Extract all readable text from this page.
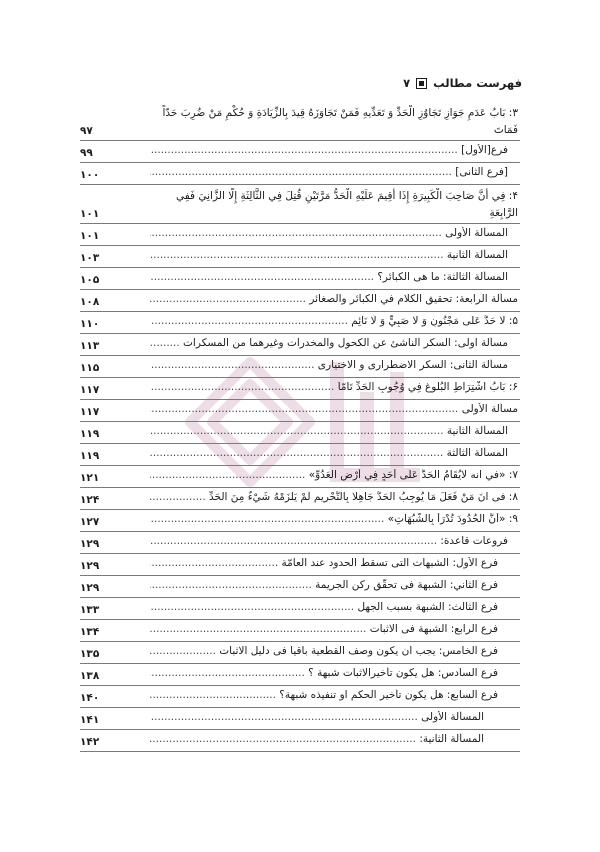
فهرست مطالب
۷
۳: بَابُ عَدَمِ جَوَازِ تَجَاوُزِ الْحَدِّ وَ تَعَدِّيهِ فَمَنْ تَجَاوَزَهُ قِيدَ بِالزِّيَادَةِ وَ حُكْمِ مَنْ ضُرِبَ حَدّاً فَمَاتَ
۹۷
فرع[الأول] .....
۹۹
[فرع الثانی] .....
۱۰۰
۴: فِي أَنَّ صَاحِبَ الْكَبِيرَةِ إِذَا أُقِيمَ عَلَيْهِ الْحَدُّ مَرَّتَيْنِ قُتِلَ فِي الثَّالِثَةِ إِلَّا الزَّانِيَ فَفِي الرَّابِعَةِ
۱۰۱
المسألة الأولى .....
۱۰۱
المسألة الثانية .....
۱۰۳
المسألة الثالثة: ما هی الكبائر؟ .....
۱۰۵
مسألة الرابعة: تحقيق الكلام في الكبائر والصغائر .....
۱۰۸
۵: لَا حَدَّ عَلَى مَجْنُونٍ وَ لَا صَبِيٍّ وَ لَا نَائِمٍ .....
۱۱۰
مسألة اولی: السكر الناشئ عن الكحول والمخدرات وغيرهما من المسكرات .....
۱۱۳
مسألة الثانی: السكر الاضطراری و الاختیاری .....
۱۱۵
۶: بَابُ اشْتِرَاطِ الْبُلُوغِ فِي وُجُوبِ الْحَدِّ تَامّاً .....
۱۱۷
مسألة الأولى .....
۱۱۷
المسألة الثانية .....
۱۱۹
المسألة الثالثة .....
۱۱۹
۷: «في انه لايُقَامُ الْحَدُّ عَلَى أَحَدٍ فِي أَرْضِ الْعَدُوِّ» .....
۱۲۱
۸: فی انَ مَنْ فَعَلَ مَا يُوجِبُ الْحَدَّ جَاهِلًا بِالتَّحْرِيمِ لَمْ يَلْزَمْهُ شَيْءٌ مِنَ الْحَدِّ .....
۱۲۴
۹: «أَنَّ الْحُدُودَ تُدْرَأُ بِالشُّبُهَاتِ» .....
۱۲۷
فروعات قاعدة: .....
۱۲۹
فرع الأول: الشبهات التی تسقط الحدود عند العامّة .....
۱۲۹
فرع الثاني: الشبهة فی تحقّق ركن الجريمة .....
۱۲۹
فرع الثالث: الشبهة بسبب الجهل .....
۱۳۳
فرع الرابع: الشبهة فی الاثبات .....
۱۳۴
فرع الخامس: يجب ان يكون وصف القطعية باقياً فی دليل الاثبات .....
۱۳۵
فرع السادس: هل يكون تأخيرالاثبات شبهة ؟ .....
۱۳۸
فرع السابع: هل يكون تأخير الحكم او تنفيذه شبهة؟ .....
۱۴۰
المسألة الأولى .....
۱۴۱
المسألة الثانية: .....
۱۴۲
